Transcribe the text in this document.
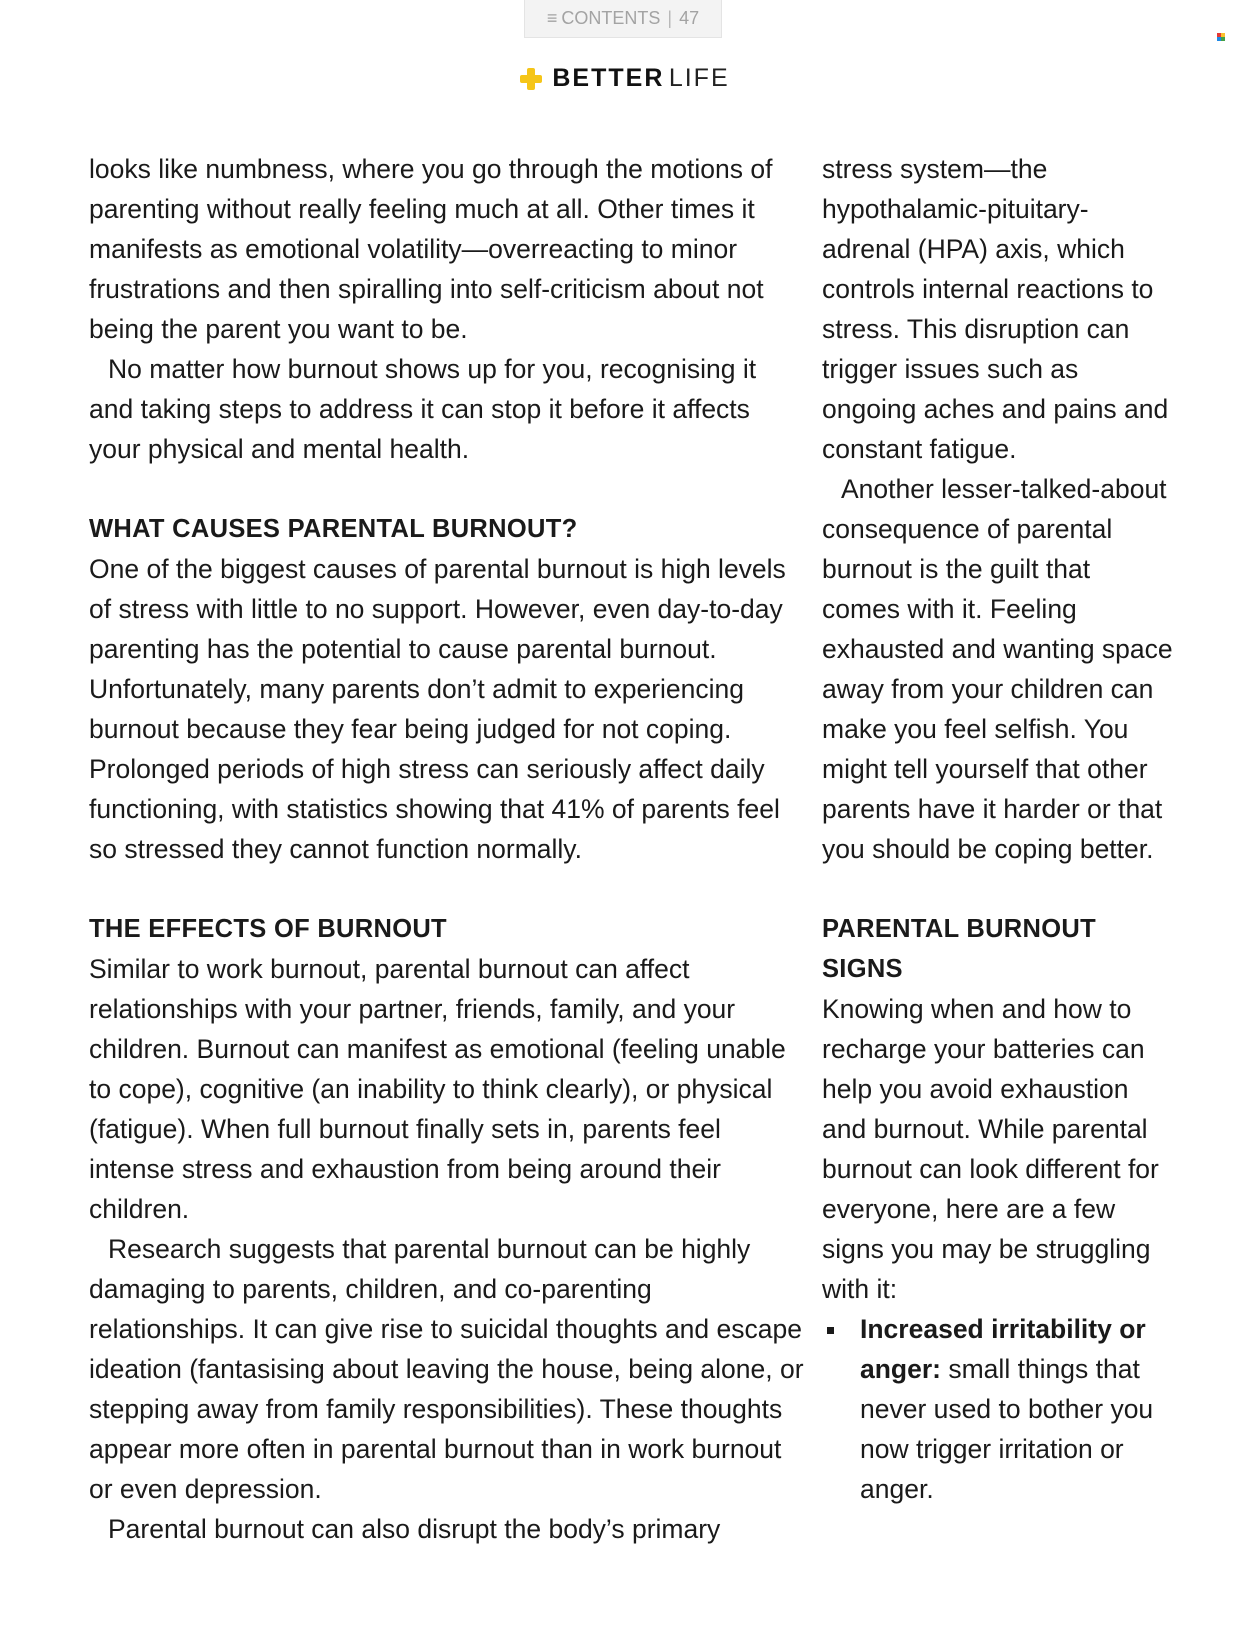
≡ CONTENTS | 47
BETTER LIFE

looks like numbness, where you go through the motions of parenting without really feeling much at all. Other times it manifests as emotional volatility—overreacting to minor frustrations and then spiralling into self-criticism about not being the parent you want to be.

No matter how burnout shows up for you, recognising it and taking steps to address it can stop it before it affects your physical and mental health.

WHAT CAUSES PARENTAL BURNOUT?

One of the biggest causes of parental burnout is high levels of stress with little to no support. However, even day-to-day parenting has the potential to cause parental burnout. Unfortunately, many parents don’t admit to experiencing burnout because they fear being judged for not coping. Prolonged periods of high stress can seriously affect daily functioning, with statistics showing that 41% of parents feel so stressed they cannot function normally.

THE EFFECTS OF BURNOUT

Similar to work burnout, parental burnout can affect relationships with your partner, friends, family, and your children. Burnout can manifest as emotional (feeling unable to cope), cognitive (an inability to think clearly), or physical (fatigue). When full burnout finally sets in, parents feel intense stress and exhaustion from being around their children.

Research suggests that parental burnout can be highly damaging to parents, children, and co-parenting relationships. It can give rise to suicidal thoughts and escape ideation (fantasising about leaving the house, being alone, or stepping away from family responsibilities). These thoughts appear more often in parental burnout than in work burnout or even depression.

Parental burnout can also disrupt the body’s primary

stress system—the hypothalamic-pituitary-adrenal (HPA) axis, which controls internal reactions to stress. This disruption can trigger issues such as ongoing aches and pains and constant fatigue.

Another lesser-talked-about consequence of parental burnout is the guilt that comes with it. Feeling exhausted and wanting space away from your children can make you feel selfish. You might tell yourself that other parents have it harder or that you should be coping better.

PARENTAL BURNOUT SIGNS

Knowing when and how to recharge your batteries can help you avoid exhaustion and burnout. While parental burnout can look different for everyone, here are a few signs you may be struggling with it:

Increased irritability or anger: small things that never used to bother you now trigger irritation or anger.
